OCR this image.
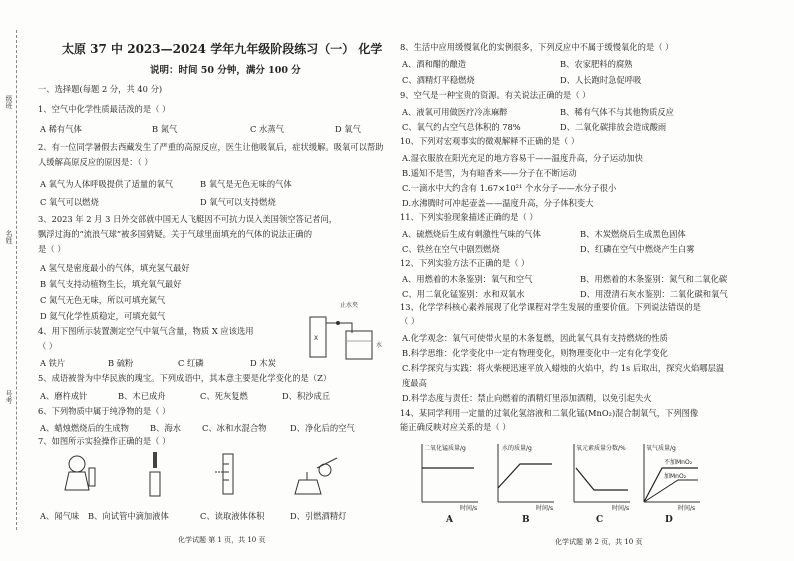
级班
名姓
号考
太原 37 中 2023—2024 学年九年级阶段练习（一） 化学
说明：时间 50 分钟，满分 100 分
一、选择题(每题 2 分，共 40 分)
1、空气中化学性质最活泼的是（ ）
A 稀有气体	B 氮气	C 水蒸气	D 氧气
2、有一位同学暑假去西藏发生了严重的高原反应，医生让他吸氧后，症状缓解。吸氧可以帮助
人缓解高原反应的原因是：（ ）
A 氧气为人体呼吸提供了适量的氧气	B 氧气是无色无味的气体
C 氧气可以燃烧	D 氧气可以支持燃烧
3、2023 年 2 月 3 日外交部就中国无人飞艇因不可抗力误入美国领空答记者问，
飘浮过海的“流浪气球”被多国猜疑。关于气球里面填充的气体的说法正确的
是（ ）
A 氢气是密度最小的气体，填充氢气最好
B 氧气支持动植物生长，填充氧气最好
C 氮气无色无味，所以可填充氮气
D 氦气化学性质稳定，可填充氦气
4、用下图所示装置测定空气中氧气含量，物质 X 应该选用
（ ）
A 铁片	B 硫粉	C 红磷	D 木炭
止水夹
X
水
5、成语被誉为中华民族的瑰宝。下列成语中，其本意主要是化学变化的是（Z）
A、磨杵成针	B、木已成舟	C、死灰复燃	D、积沙成丘
6、下列物质中属于纯净物的是（ ）
A、蜡烛燃烧后的生成物	B、海水	C、冰和水混合物	D、净化后的空气
7、如图所示实验操作正确的是（ ）
A、闻气味 B、向试管中滴加液体	C、读取液体体积	D、引燃酒精灯
化学试题 第 1 页，共 10 页
8、生活中应用缓慢氧化的实例很多，下列反应中不属于缓慢氧化的是（ ）
A、酒和醋的酿造	B、农家肥料的腐熟
C、酒精灯平稳燃烧	D、人长跑时急促呼吸
9、空气是一种宝贵的资源。有关说法正确的是（ ）
A、液氧可用做医疗冷冻麻醉	B、稀有气体不与其他物质反应
C、氧气约占空气总体积的 78%	D、二氧化碳排放会造成酸雨
10、下列对宏观事实的微观解释不正确的是（ ）
A.湿衣服放在阳光充足的地方容易干——温度升高，分子运动加快
B.遥知不是雪，为有暗香来——分子在不断运动
C.一滴水中大约含有 1.67×10²¹ 个水分子——水分子很小
D.水沸腾时可冲起壶盖——温度升高，分子体积变大
11、下列实验现象描述正确的是（ ）
A、硫燃烧后生成有刺激性气味的气体	B、木炭燃烧后生成黑色固体
C、铁丝在空气中剧烈燃烧	D、红磷在空气中燃烧产生白雾
12、下列实验方法不正确的是（ ）
A、用燃着的木条鉴别：氧气和空气	B、用燃着的木条鉴别：氮气和二氧化碳
C、用二氧化锰鉴别：水和双氧水	D、用澄清石灰水鉴别：二氧化碳和氧气
13、化学学科核心素养展现了化学课程对学生发展的重要价值。下列说法错误的是
（ ）
A.化学观念：氧气可使带火星的木条复燃，因此氧气具有支持燃烧的性质
B.科学思维：化学变化中一定有物理变化，则物理变化中一定有化学变化
C.科学探究与实践：将火柴梗迅速平放入蜡烛的火焰中，约 1s 后取出，探究火焰哪层温
度最高
D.科学态度与责任：禁止向燃着的酒精灯里添加酒精，以免引起失火
14、某同学利用一定量的过氧化氢溶液和二氧化锰(MnO₂)混合制氧气，下列图像
能正确反映对应关系的是（ ）
二氧化锰质量/g
时间/s
水的质量/g
时间/s
氧元素质量分数/%
时间/s
氧气质量/g
不加MnO₂
加MnO₂
时间/s
A	B	C	D
化学试题 第 2 页，共 10 页
